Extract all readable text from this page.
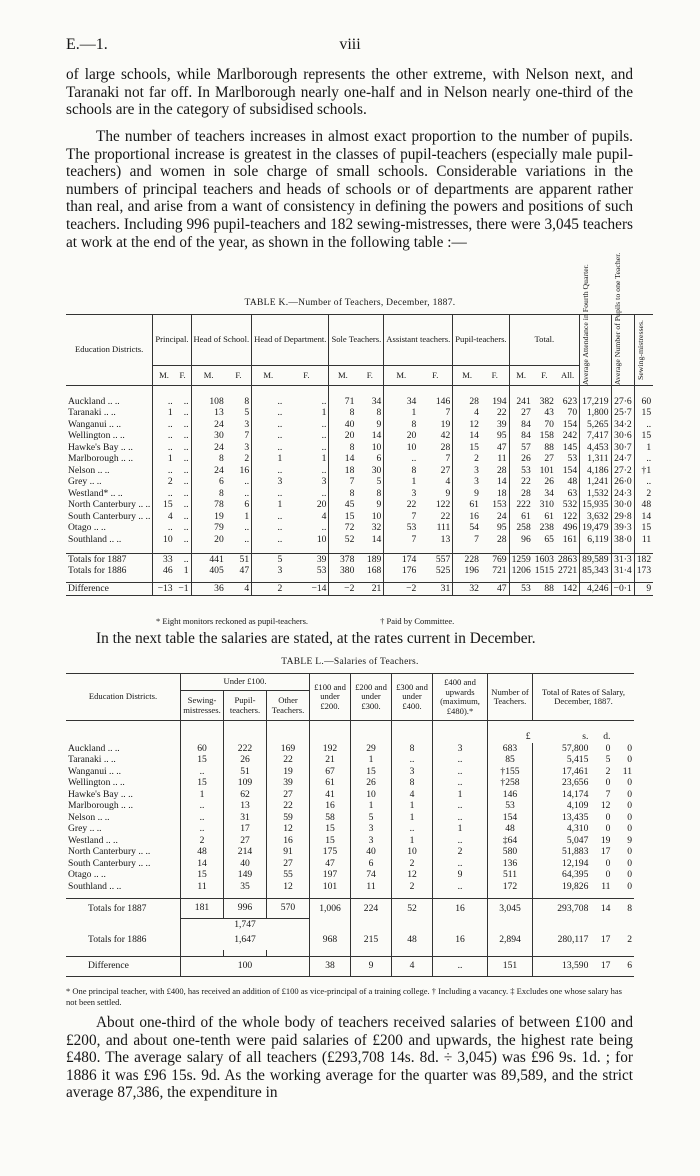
E.—1.	viii

of large schools, while Marlborough represents the other extreme, with Nelson next, and Taranaki not far off. In Marlborough nearly one-half and in Nelson nearly one-third of the schools are in the category of subsidised schools.

The number of teachers increases in almost exact proportion to the number of pupils. The proportional increase is greatest in the classes of pupil-teachers (especially male pupil-teachers) and women in sole charge of small schools. Considerable variations in the numbers of principal teachers and heads of schools or of departments are apparent rather than real, and arise from a want of consistency in defining the powers and positions of such teachers. Including 996 pupil-teachers and 182 sewing-mistresses, there were 3,045 teachers at work at the end of the year, as shown in the following table :—

TABLE K.—Number of Teachers, December, 1887.
Education Districts.	Principal.		Head of School.		Head of Department.		Sole Teachers.		Assistant teachers.		Pupil-teachers.		Total.			Average Attendance in Fourth Quarter.	Average Number of Pupils to one Teacher.	Sewing-mistresses.

	M.	F.	M.	F.	M.	F.	M.	F.	M.	F.	M.	F.	M.	F.	All.			

Auckland .. ..	..	..	108	8	..	..	71	34	34	146	28	194	241	382	623	17,219	27·6	60
Taranaki .. ..	1	..	13	5	..	1	8	8	1	7	4	22	27	43	70	1,800	25·7	15
Wanganui .. ..	..	..	24	3	..	..	40	9	8	19	12	39	84	70	154	5,265	34·2	..
Wellington .. ..	..	..	30	7	..	..	20	14	20	42	14	95	84	158	242	7,417	30·6	15
Hawke's Bay .. ..	..	..	24	3	..	..	8	10	10	28	15	47	57	88	145	4,453	30·7	1
Marlborough .. ..	1	..	8	2	1	1	14	6	..	7	2	11	26	27	53	1,311	24·7	..
Nelson .. ..	..	..	24	16	..	..	18	30	8	27	3	28	53	101	154	4,186	27·2	†1
Grey .. ..	2	..	6	..	3	3	7	5	1	4	3	14	22	26	48	1,241	26·0	..
Westland* .. ..	..	..	8	..	..	..	8	8	3	9	9	18	28	34	63	1,532	24·3	2
North Canterbury .. ..	15	..	78	6	1	20	45	9	22	122	61	153	222	310	532	15,935	30·0	48
South Canterbury .. ..	4	..	19	1	..	4	15	10	7	22	16	24	61	61	122	3,632	29·8	14
Otago .. ..	..	..	79	..	..	..	72	32	53	111	54	95	258	238	496	19,479	39·3	15
Southland .. ..	10	..	20	..	..	10	52	14	7	13	7	28	96	65	161	6,119	38·0	11

Totals for 1887	33	..	441	51	5	39	378	189	174	557	228	769	1259	1603	2863	89,589	31·3	182
Totals for 1886	46	1	405	47	3	53	380	168	176	525	196	721	1206	1515	2721	85,343	31·4	173

Difference	−13	−1	36	4	2	−14	−2	21	−2	31	32	47	53	88	142	4,246	−0·1	9
* Eight monitors reckoned as pupil-teachers.	† Paid by Committee.

In the next table the salaries are stated, at the rates current in December.

TABLE L.—Salaries of Teachers.
Education Districts.	Under £100.			£100 and under £200.	£200 and under £300.	£300 and under £400.	£400 and upwards (maximum, £480).*	Number of Teachers.	Total of Rates of Salary, December, 1887.		
	Sewing-mistresses.	Pupil-teachers.	Other Teachers.								
								£	s.	d.	
Auckland .. ..	60	222	169	192	29	8	3	683	57,800	0	0
Taranaki .. ..	15	26	22	21	1	..	..	85	5,415	5	0
Wanganui .. ..	..	51	19	67	15	3	..	†155	17,461	2	11
Wellington .. ..	15	109	39	61	26	8	..	†258	23,656	0	0
Hawke's Bay .. ..	1	62	27	41	10	4	1	146	14,174	7	0
Marlborough .. ..	..	13	22	16	1	1	..	53	4,109	12	0
Nelson .. ..	..	31	59	58	5	1	..	154	13,435	0	0
Grey .. ..	..	17	12	15	3	..	1	48	4,310	0	0
Westland .. ..	2	27	16	15	3	1	..	‡64	5,047	19	9
North Canterbury .. ..	48	214	91	175	40	10	2	580	51,883	17	0
South Canterbury .. ..	14	40	27	47	6	2	..	136	12,194	0	0
Otago .. ..	15	149	55	197	74	12	9	511	64,395	0	0
Southland .. ..	11	35	12	101	11	2	..	172	19,826	11	0

Totals for 1887	181	996	570	1,006	224	52	16	3,045	293,708	14	8
	1,747										
Totals for 1886	1,647			968	215	48	16	2,894	280,117	17	2

Difference	100			38	9	4	..	151	13,590	17	6
* One principal teacher, with £400, has received an addition of £100 as vice-principal of a training college. † Including a vacancy. ‡ Excludes one whose salary has not been settled.

About one-third of the whole body of teachers received salaries of between £100 and £200, and about one-tenth were paid salaries of £200 and upwards, the highest rate being £480. The average salary of all teachers (£293,708 14s. 8d. ÷ 3,045) was £96 9s. 1d. ; for 1886 it was £96 15s. 9d. As the working average for the quarter was 89,589, and the strict average 87,386, the expenditure in
